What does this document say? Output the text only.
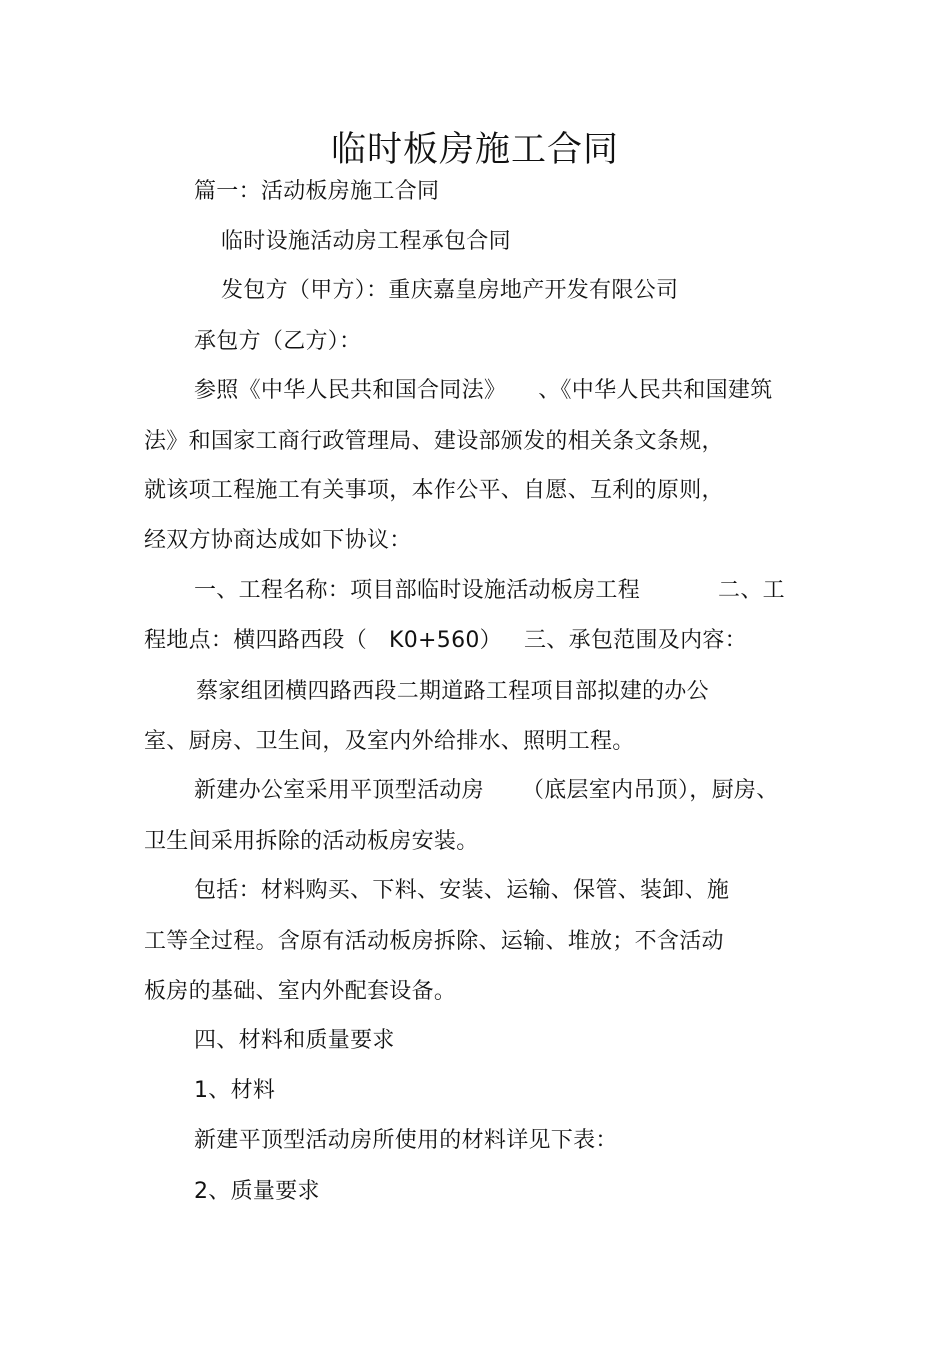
临时板房施工合同
篇一：活动板房施工合同
临时设施活动房工程承包合同
发包方（甲方）：重庆嘉皇房地产开发有限公司
承包方（乙方）：
参照《中华人民共和国合同法》 、《中华人民共和国建筑
法》和国家工商行政管理局、建设部颁发的相关条文条规，
就该项工程施工有关事项，本作公平、自愿、互利的原则，
经双方协商达成如下协议：
一、工程名称：项目部临时设施活动板房工程	二、工
程地点：横四路西段（ K0+560） 三、承包范围及内容：
蔡家组团横四路西段二期道路工程项目部拟建的办公
室、厨房、卫生间，及室内外给排水、照明工程。
新建办公室采用平顶型活动房 （底层室内吊顶），厨房、
卫生间采用拆除的活动板房安装。
包括：材料购买、下料、安装、运输、保管、装卸、施
工等全过程。含原有活动板房拆除、运输、堆放；不含活动
板房的基础、室内外配套设备。
四、材料和质量要求
1、材料
新建平顶型活动房所使用的材料详见下表：
2、质量要求
